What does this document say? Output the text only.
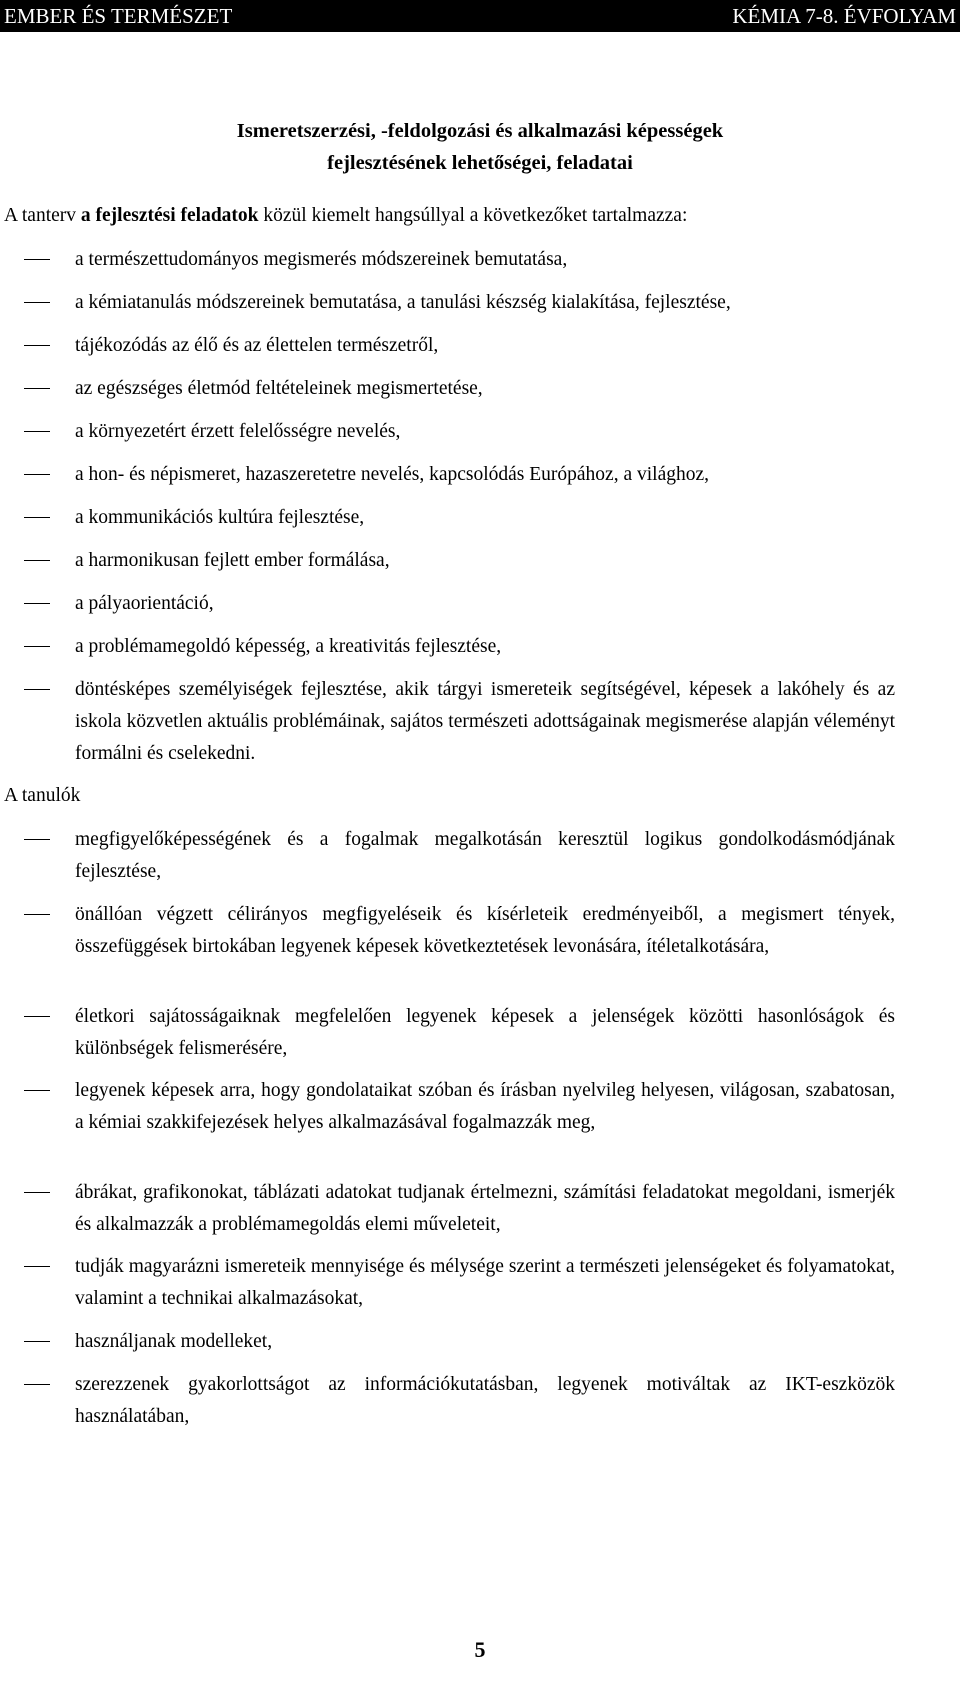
EMBER ÉS TERMÉSZET	KÉMIA 7-8. ÉVFOLYAM
Ismeretszerzési, -feldolgozási és alkalmazási képességek
fejlesztésének lehetőségei, feladatai
A tanterv a fejlesztési feladatok közül kiemelt hangsúllyal a következőket tartalmazza:
a természettudományos megismerés módszereinek bemutatása,
a kémiatanulás módszereinek bemutatása, a tanulási készség kialakítása, fejlesztése,
tájékozódás az élő és az élettelen természetről,
az egészséges életmód feltételeinek megismertetése,
a környezetért érzett felelősségre nevelés,
a hon- és népismeret, hazaszeretetre nevelés, kapcsolódás Európához, a világhoz,
a kommunikációs kultúra fejlesztése,
a harmonikusan fejlett ember formálása,
a pályaorientáció,
a problémamegoldó képesség, a kreativitás fejlesztése,
döntésképes személyiségek fejlesztése, akik tárgyi ismereteik segítségével, képesek a lakóhely és az iskola közvetlen aktuális problémáinak, sajátos természeti adottságainak megismerése alapján véleményt formálni és cselekedni.
A tanulók
megfigyelőképességének és a fogalmak megalkotásán keresztül logikus gondolkodásmódjának fejlesztése,
önállóan végzett célirányos megfigyeléseik és kísérleteik eredményeiből, a megismert tények, összefüggések birtokában legyenek képesek következtetések levonására, ítéletalkotására,
életkori sajátosságaiknak megfelelően legyenek képesek a jelenségek közötti hasonlóságok és különbségek felismerésére,
legyenek képesek arra, hogy gondolataikat szóban és írásban nyelvileg helyesen, világosan, szabatosan, a kémiai szakkifejezések helyes alkalmazásával fogalmazzák meg,
ábrákat, grafikonokat, táblázati adatokat tudjanak értelmezni, számítási feladatokat megoldani, ismerjék és alkalmazzák a problémamegoldás elemi műveleteit,
tudják magyarázni ismereteik mennyisége és mélysége szerint a természeti jelenségeket és folyamatokat, valamint a technikai alkalmazásokat,
használjanak modelleket,
szerezzenek gyakorlottságot az információkutatásban, legyenek motiváltak az IKT-eszközök használatában,
5
